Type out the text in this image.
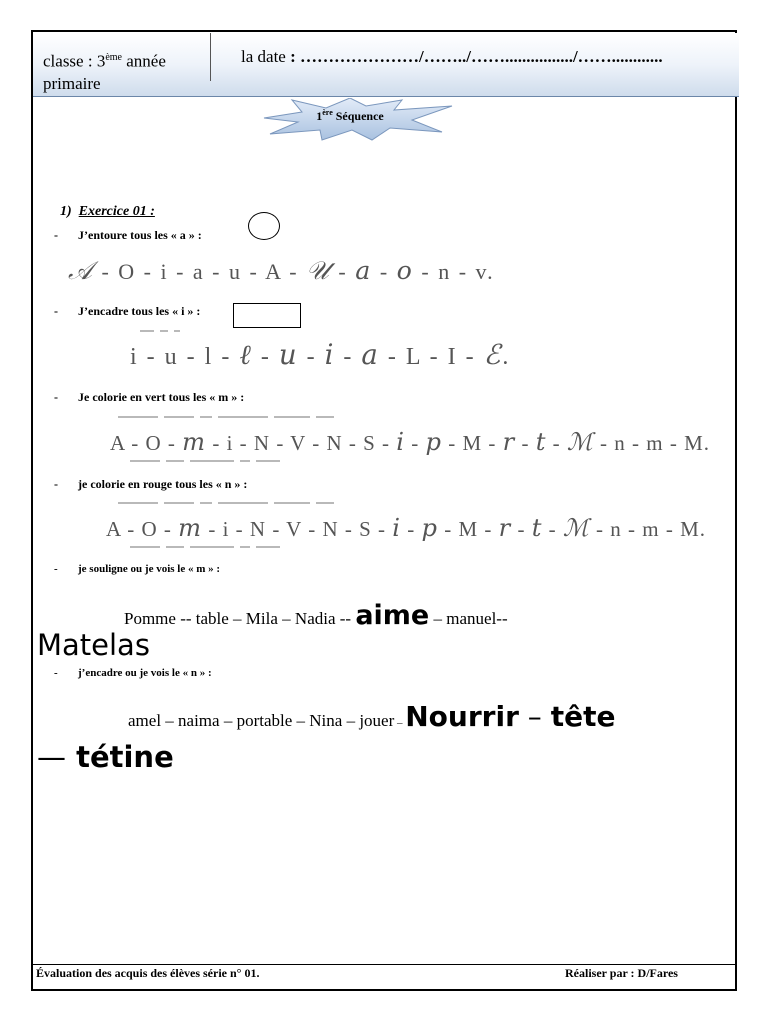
classe : 3ème année primaire
la date : …………………/……../……................/……............
1ère Séquence
1) Exercice 01 :
- J’entoure tous les « a » :
𝒜 - O - i - a - u - A - 𝒰 - a - o - n - v.
- J’encadre tous les « i » :
i - u - l - ℓ - u - i - a - L - I - ℰ.
- Je colorie en vert tous les « m » :
A - O - m - i - N - V - N - S - i - p - M - r - t - ℳ - n - m - M.
- je colorie en rouge tous les « n » :
A - O - m - i - N - V - N - S - i - p - M - r - t - ℳ - n - m - M.
- je souligne ou je vois le « m » :
Pomme -- table – Mila – Nadia -- aime – manuel--
Matelas
- j’encadre ou je vois le « n » :
amel – naima – portable – Nina – jouer – Nourrir – tête
— tétine
Évaluation des acquis des élèves série n° 01.	Réaliser par : D/Fares
